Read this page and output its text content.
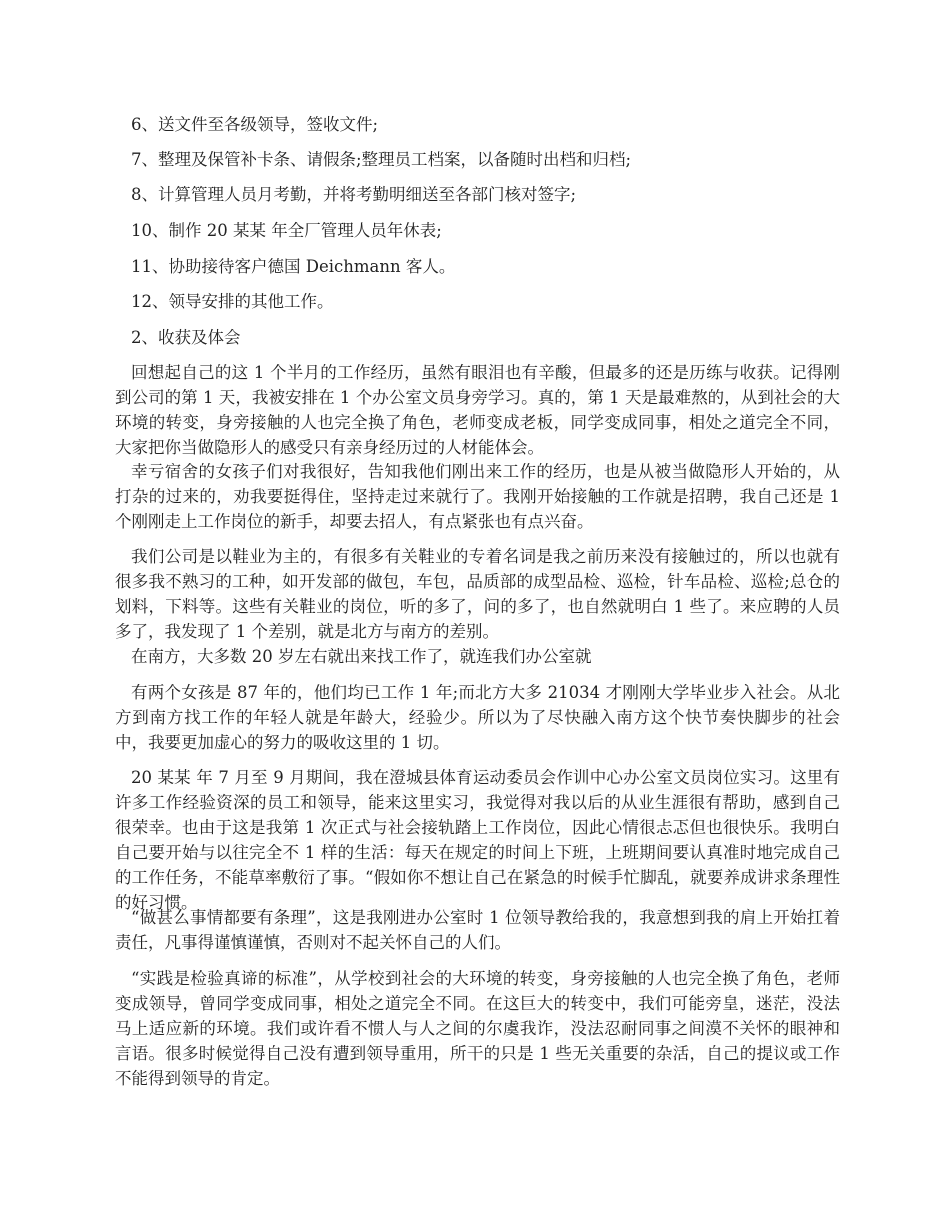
6、送文件至各级领导，签收文件;

7、整理及保管补卡条、请假条;整理员工档案，以备随时出档和归档;

8、计算管理人员月考勤，并将考勤明细送至各部门核对签字;

10、制作 20 某某 年全厂管理人员年休表;

11、协助接待客户德国 Deichmann 客人。

12、领导安排的其他工作。

2、收获及体会

回想起自己的这 1 个半月的工作经历，虽然有眼泪也有辛酸，但最多的还是历练与收获。记得刚到公司的第 1 天，我被安排在 1 个办公室文员身旁学习。真的，第 1 天是最难熬的，从到社会的大环境的转变，身旁接触的人也完全换了角色，老师变成老板，同学变成同事，相处之道完全不同，大家把你当做隐形人的感受只有亲身经历过的人材能体会。

幸亏宿舍的女孩子们对我很好，告知我他们刚出来工作的经历，也是从被当做隐形人开始的，从打杂的过来的，劝我要挺得住，坚持走过来就行了。我刚开始接触的工作就是招聘，我自己还是 1 个刚刚走上工作岗位的新手，却要去招人，有点紧张也有点兴奋。

我们公司是以鞋业为主的，有很多有关鞋业的专着名词是我之前历来没有接触过的，所以也就有很多我不熟习的工种，如开发部的做包，车包，品质部的成型品检、巡检，针车品检、巡检;总仓的划料，下料等。这些有关鞋业的岗位，听的多了，问的多了，也自然就明白 1 些了。来应聘的人员多了，我发现了 1 个差别，就是北方与南方的差别。

在南方，大多数 20 岁左右就出来找工作了，就连我们办公室就

有两个女孩是 87 年的，他们均已工作 1 年;而北方大多 21034 才刚刚大学毕业步入社会。从北方到南方找工作的年轻人就是年龄大，经验少。所以为了尽快融入南方这个快节奏快脚步的社会中，我要更加虚心的努力的吸收这里的 1 切。

20 某某 年 7 月至 9 月期间，我在澄城县体育运动委员会作训中心办公室文员岗位实习。这里有许多工作经验资深的员工和领导，能来这里实习，我觉得对我以后的从业生涯很有帮助，感到自己很荣幸。也由于这是我第 1 次正式与社会接轨踏上工作岗位，因此心情很忐忑但也很快乐。我明白自己要开始与以往完全不 1 样的生活：每天在规定的时间上下班，上班期间要认真准时地完成自己的工作任务，不能草率敷衍了事。“假如你不想让自己在紧急的时候手忙脚乱，就要养成讲求条理性的好习惯。

“做甚么事情都要有条理”，这是我刚进办公室时 1 位领导教给我的，我意想到我的肩上开始扛着责任，凡事得谨慎谨慎，否则对不起关怀自己的人们。

“实践是检验真谛的标准”，从学校到社会的大环境的转变，身旁接触的人也完全换了角色，老师变成领导，曾同学变成同事，相处之道完全不同。在这巨大的转变中，我们可能旁皇，迷茫，没法马上适应新的环境。我们或许看不惯人与人之间的尔虞我诈，没法忍耐同事之间漠不关怀的眼神和言语。很多时候觉得自己没有遭到领导重用，所干的只是 1 些无关重要的杂活，自己的提议或工作不能得到领导的肯定。
